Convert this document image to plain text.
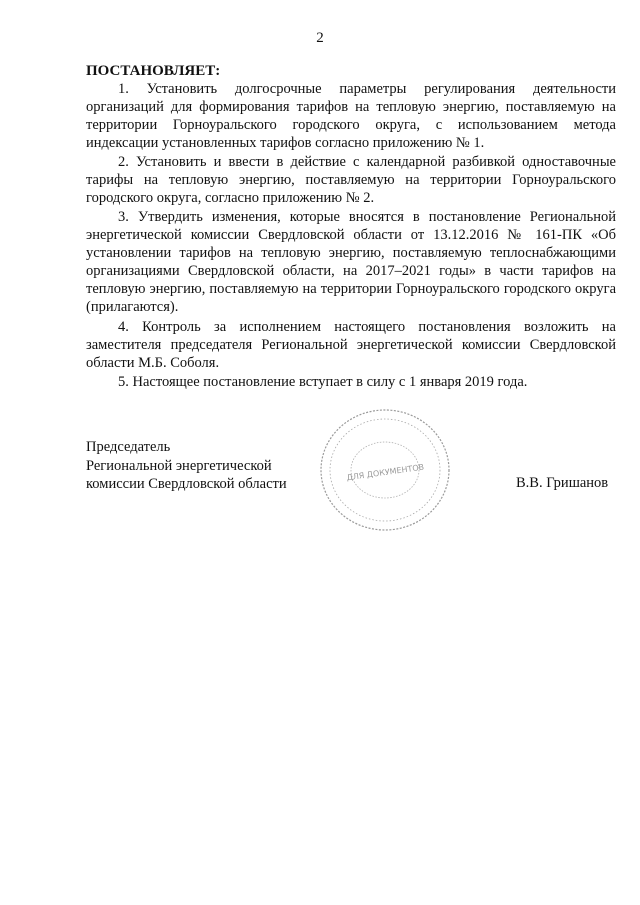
2
ПОСТАНОВЛЯЕТ:

1. Установить долгосрочные параметры регулирования деятельности организаций для формирования тарифов на тепловую энергию, поставляемую на территории Горноуральского городского округа, с использованием метода индексации установленных тарифов согласно приложению № 1.

2. Установить и ввести в действие с календарной разбивкой одноставочные тарифы на тепловую энергию, поставляемую на территории Горноуральского городского округа, согласно приложению № 2.

3. Утвердить изменения, которые вносятся в постановление Региональной энергетической комиссии Свердловской области от 13.12.2016 № 161-ПК «Об установлении тарифов на тепловую энергию, поставляемую теплоснабжающими организациями Свердловской области, на 2017–2021 годы» в части тарифов на тепловую энергию, поставляемую на территории Горноуральского городского округа (прилагаются).

4. Контроль за исполнением настоящего постановления возложить на заместителя председателя Региональной энергетической комиссии Свердловской области М.Б. Соболя.

5. Настоящее постановление вступает в силу с 1 января 2019 года.

Председатель
Региональной энергетической
комиссии Свердловской области
ДЛЯ ДОКУМЕНТОВ
В.В. Гришанов
